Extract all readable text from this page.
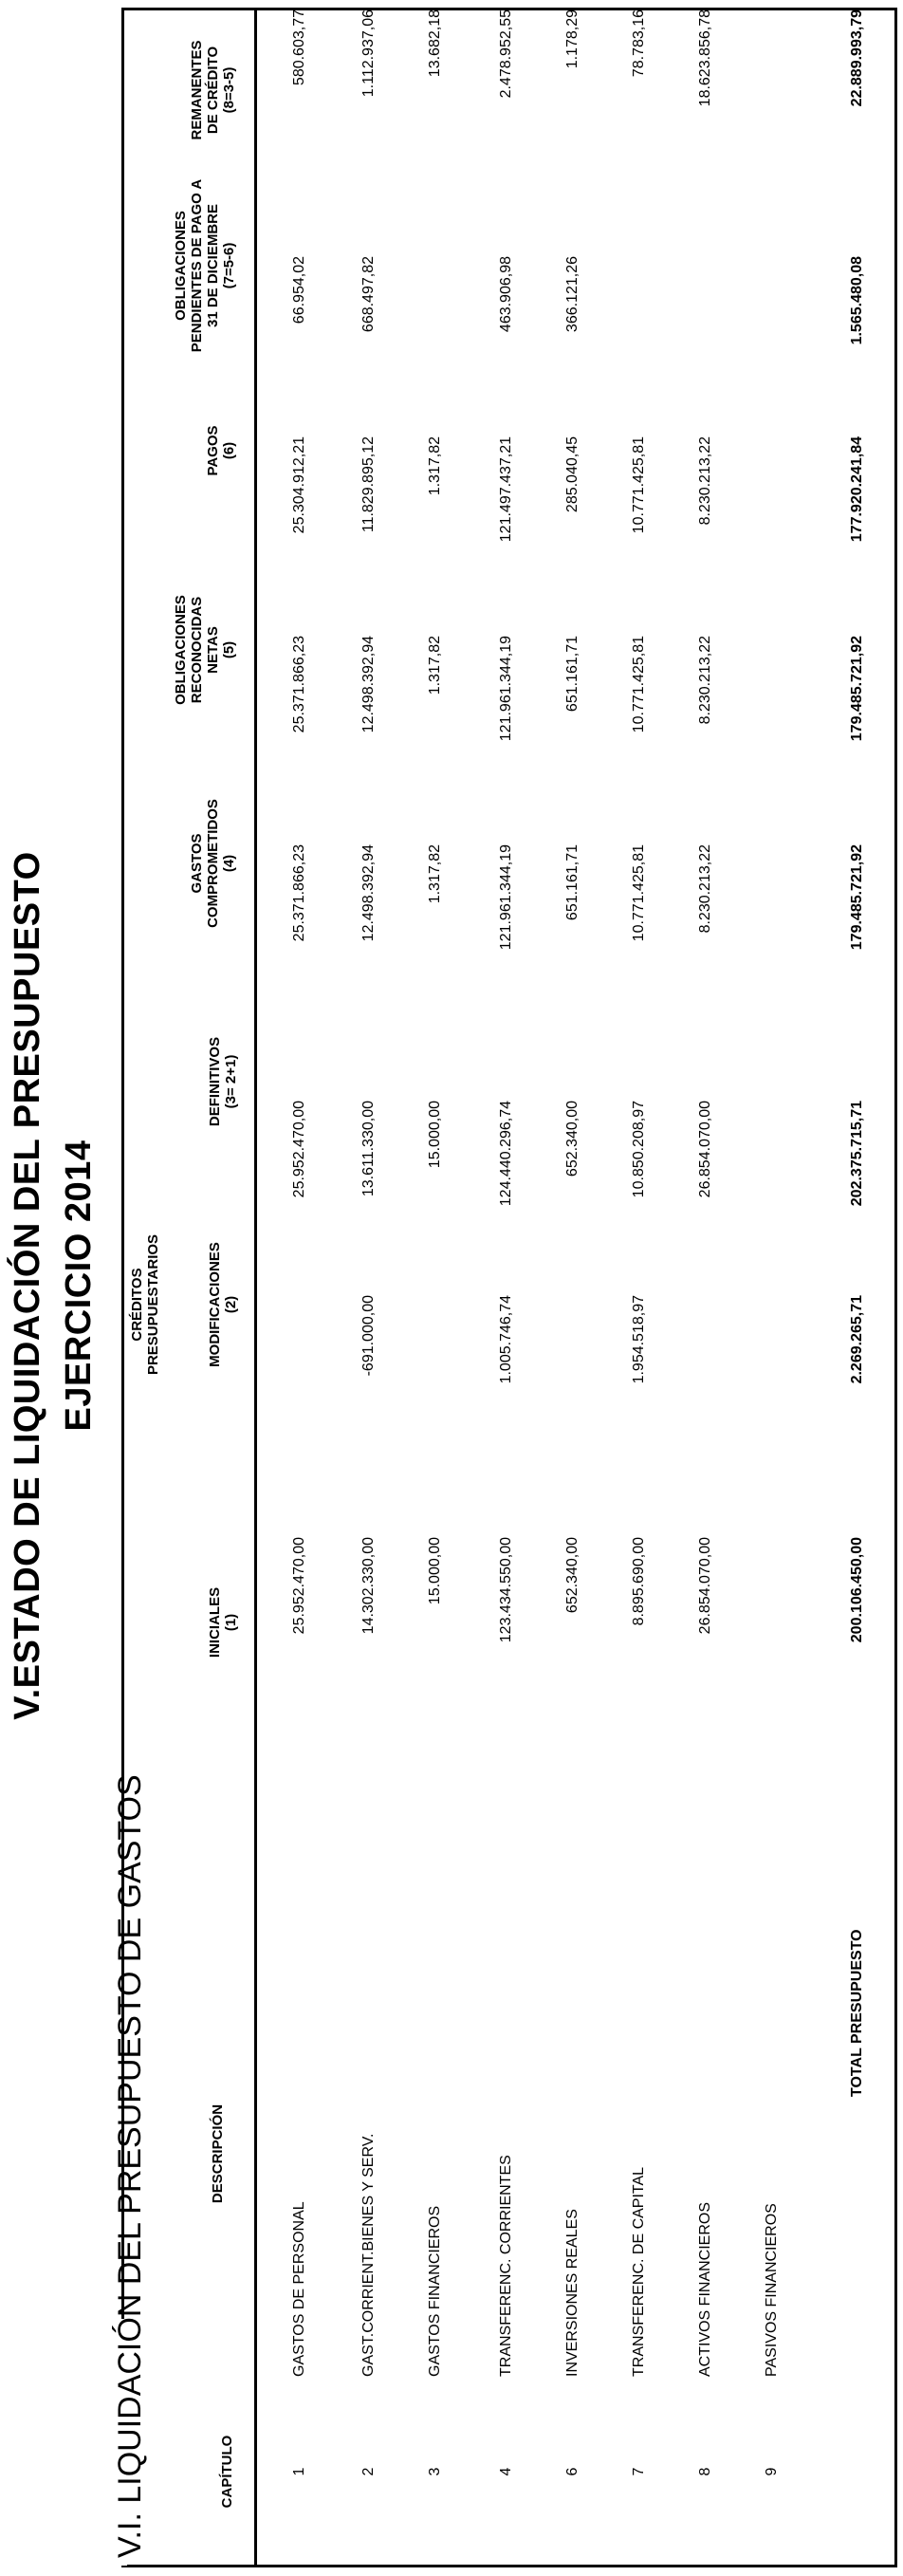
V.ESTADO DE LIQUIDACIÓN DEL PRESUPUESTO EJERCICIO 2014
V.I. LIQUIDACIÓN DEL PRESUPUESTO DE GASTOS	CAPÍTULO
DESCRIPCIÓN
CRÉDITOS PRESUPUESTARIOS
INICIALES (1)
MODIFICACIONES (2)
DEFINITIVOS (3= 2+1)
GASTOS COMPROMETIDOS (4)
OBLIGACIONES RECONOCIDAS NETAS (5)
PAGOS (6)
OBLIGACIONES PENDIENTES DE PAGO A 31 DE DICIEMBRE (7=5-6)
REMANENTES DE CRÉDITO (8=3-5)
1
GASTOS DE PERSONAL
25.952.470,00
25.952.470,00
25.371.866,23
25.371.866,23
25.304.912,21
66.954,02
580.603,77
2
GAST.CORRIENT.BIENES Y SERV.
14.302.330,00
-691.000,00
13.611.330,00
12.498.392,94
12.498.392,94
11.829.895,12
668.497,82
1.112.937,06
3
GASTOS FINANCIEROS
15.000,00
15.000,00
1.317,82
1.317,82
1.317,82
13.682,18
4
TRANSFERENC. CORRIENTES
123.434.550,00
1.005.746,74
124.440.296,74
121.961.344,19
121.961.344,19
121.497.437,21
463.906,98
2.478.952,55
6
INVERSIONES REALES
652.340,00
652.340,00
651.161,71
651.161,71
285.040,45
366.121,26
1.178,29
7
TRANSFERENC. DE CAPITAL
8.895.690,00
1.954.518,97
10.850.208,97
10.771.425,81
10.771.425,81
10.771.425,81
78.783,16
8
ACTIVOS FINANCIEROS
26.854.070,00
26.854.070,00
8.230.213,22
8.230.213,22
8.230.213,22
18.623.856,78
9
PASIVOS FINANCIEROS
TOTAL PRESUPUESTO
200.106.450,00
2.269.265,71
202.375.715,71
179.485.721,92
179.485.721,92
177.920.241,84
1.565.480,08
22.889.993,79
